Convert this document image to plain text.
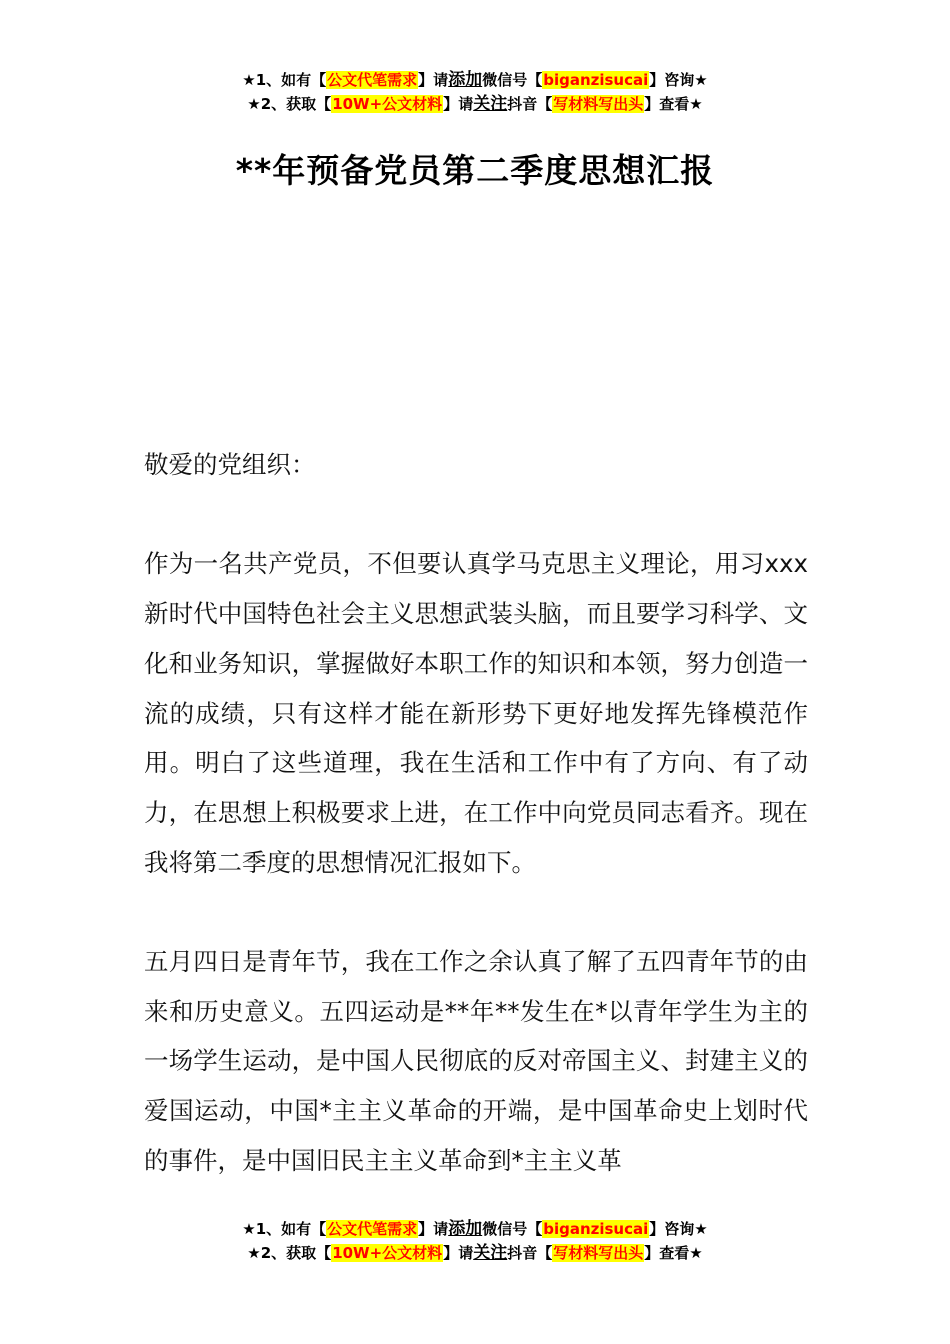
★1、如有【公文代笔需求】请添加微信号【biganzisucai】咨询★
★2、获取【10W+公文材料】请关注抖音【写材料写出头】查看★
**年预备党员第二季度思想汇报

敬爱的党组织：

作为一名共产党员，不但要认真学马克思主义理论，用习xxx新时代中国特色社会主义思想武装头脑，而且要学习科学、文化和业务知识，掌握做好本职工作的知识和本领，努力创造一流的成绩，只有这样才能在新形势下更好地发挥先锋模范作用。明白了这些道理，我在生活和工作中有了方向、有了动力，在思想上积极要求上进，在工作中向党员同志看齐。现在我将第二季度的思想情况汇报如下。

五月四日是青年节，我在工作之余认真了解了五四青年节的由来和历史意义。五四运动是**年**发生在*以青年学生为主的一场学生运动，是中国人民彻底的反对帝国主义、封建主义的爱国运动，中国*主主义革命的开端，是中国革命史上划时代的事件，是中国旧民主主义革命到*主主义革

★1、如有【公文代笔需求】请添加微信号【biganzisucai】咨询★
★2、获取【10W+公文材料】请关注抖音【写材料写出头】查看★
